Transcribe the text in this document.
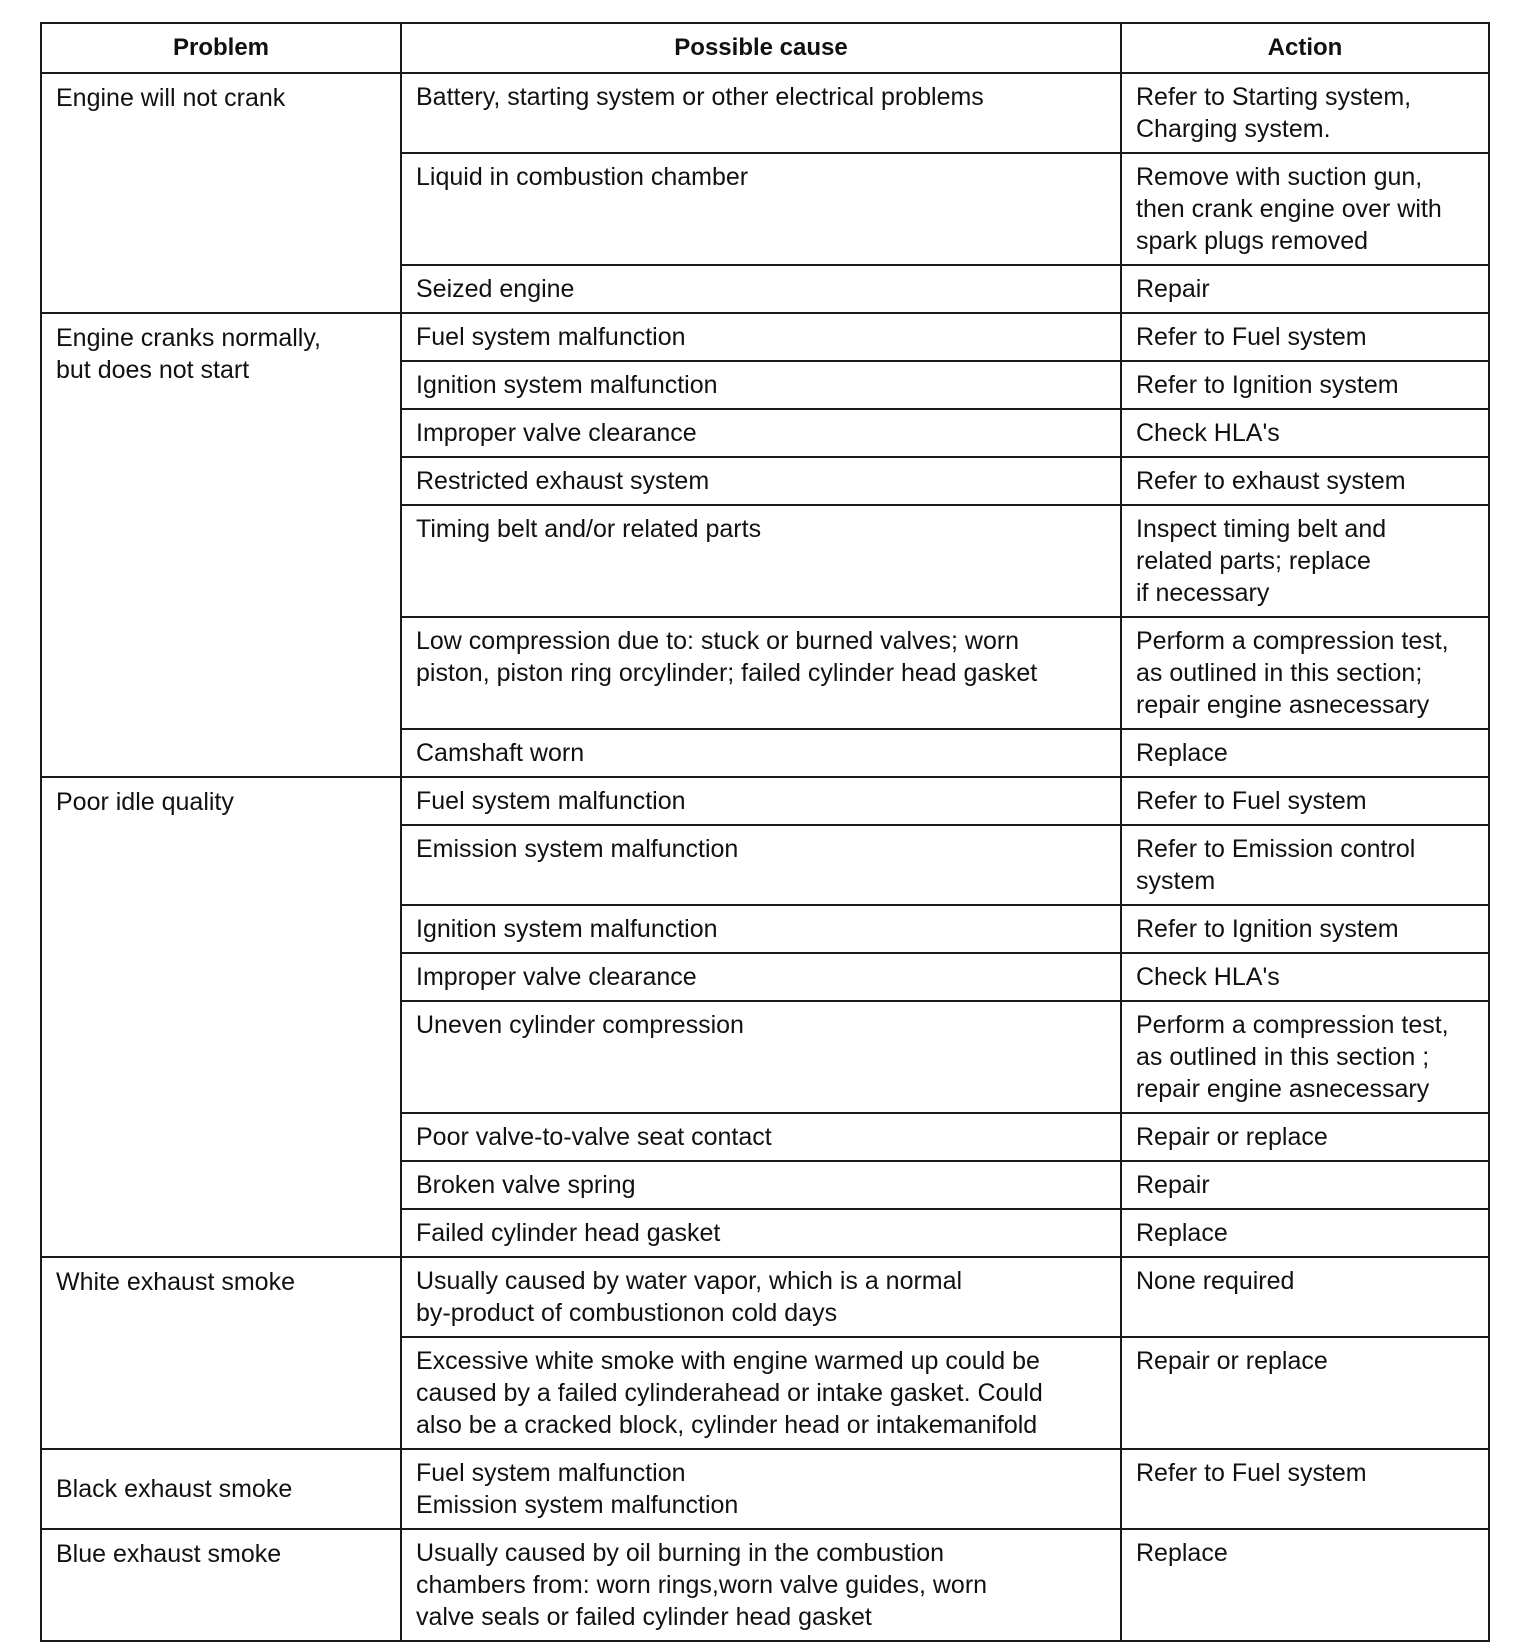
Problem	Possible cause	Action

Engine will not crank	Battery, starting system or other electrical problems	Refer to Starting system,
Charging system.

	Liquid in combustion chamber	Remove with suction gun,
then crank engine over with
spark plugs removed

	Seized engine	Repair

Engine cranks normally,
but does not start	Fuel system malfunction	Refer to Fuel system

	Ignition system malfunction	Refer to Ignition system

	Improper valve clearance	Check HLA's

	Restricted exhaust system	Refer to exhaust system

	Timing belt and/or related parts	Inspect timing belt and
related parts; replace
if necessary

	Low compression due to: stuck or burned valves; worn
piston, piston ring orcylinder; failed cylinder head gasket	Perform a compression test,
as outlined in this section;
repair engine asnecessary

	Camshaft worn	Replace

Poor idle quality	Fuel system malfunction	Refer to Fuel system

	Emission system malfunction	Refer to Emission control
system

	Ignition system malfunction	Refer to Ignition system

	Improper valve clearance	Check HLA's

	Uneven cylinder compression	Perform a compression test,
as outlined in this section ;
repair engine asnecessary

	Poor valve-to-valve seat contact	Repair or replace

	Broken valve spring	Repair

	Failed cylinder head gasket	Replace

White exhaust smoke	Usually caused by water vapor, which is a normal
by-product of combustionon cold days	None required

	Excessive white smoke with engine warmed up could be
caused by a failed cylinderahead or intake gasket. Could
also be a cracked block, cylinder head or intakemanifold	Repair or replace

Black exhaust smoke	Fuel system malfunction
Emission system malfunction	Refer to Fuel system

Blue exhaust smoke	Usually caused by oil burning in the combustion
chambers from: worn rings,worn valve guides, worn
valve seals or failed cylinder head gasket	Replace
